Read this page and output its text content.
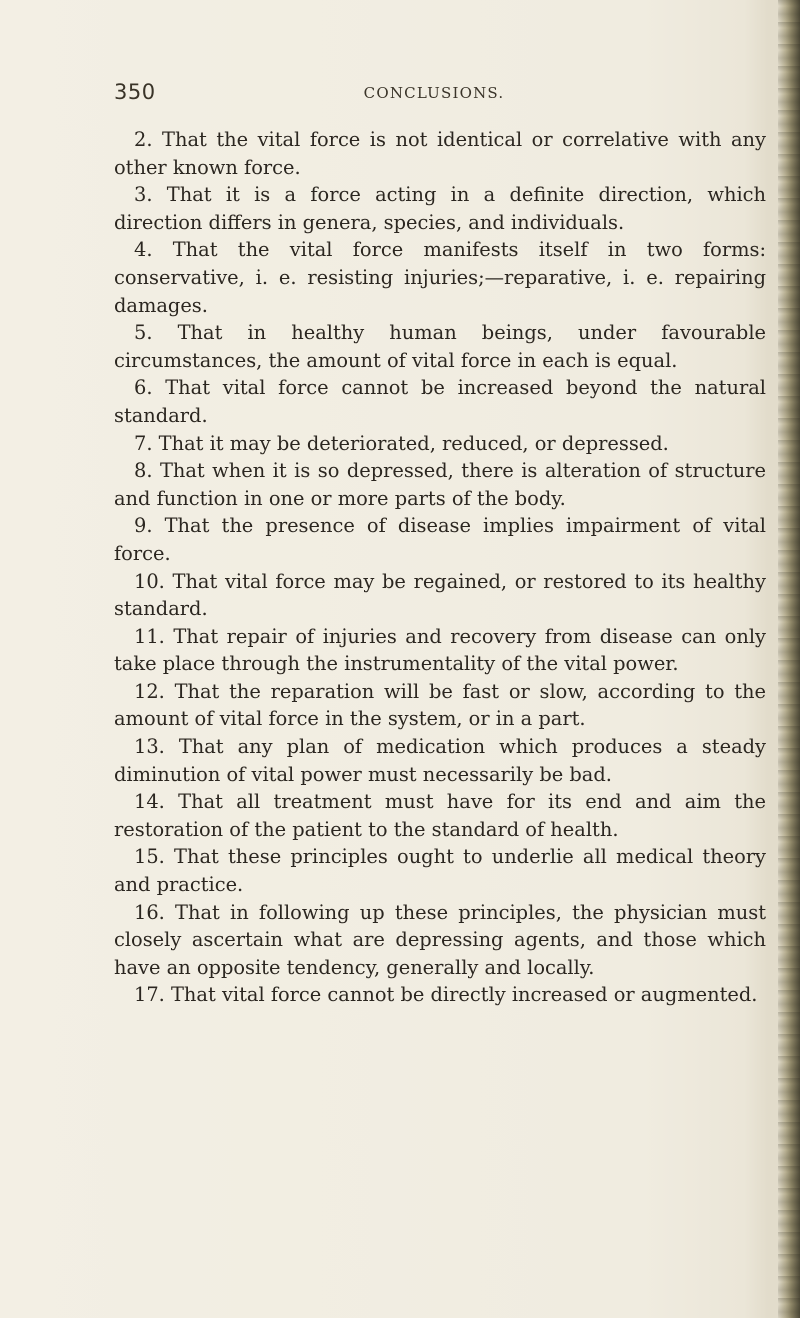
350	CONCLUSIONS.

2. That the vital force is not identical or correlative with any other known force.

3. That it is a force acting in a definite direction, which direction differs in genera, species, and individuals.

4. That the vital force manifests itself in two forms: conservative, i. e. resisting injuries;—reparative, i. e. repairing damages.

5. That in healthy human beings, under favourable circumstances, the amount of vital force in each is equal.

6. That vital force cannot be increased beyond the natural standard.

7. That it may be deteriorated, reduced, or depressed.

8. That when it is so depressed, there is alteration of structure and function in one or more parts of the body.

9. That the presence of disease implies impairment of vital force.

10. That vital force may be regained, or restored to its healthy standard.

11. That repair of injuries and recovery from disease can only take place through the instrumentality of the vital power.

12. That the reparation will be fast or slow, according to the amount of vital force in the system, or in a part.

13. That any plan of medication which produces a steady diminution of vital power must necessarily be bad.

14. That all treatment must have for its end and aim the restoration of the patient to the standard of health.

15. That these principles ought to underlie all medical theory and practice.

16. That in following up these principles, the physician must closely ascertain what are depressing agents, and those which have an opposite tendency, generally and locally.

17. That vital force cannot be directly increased or augmented.
